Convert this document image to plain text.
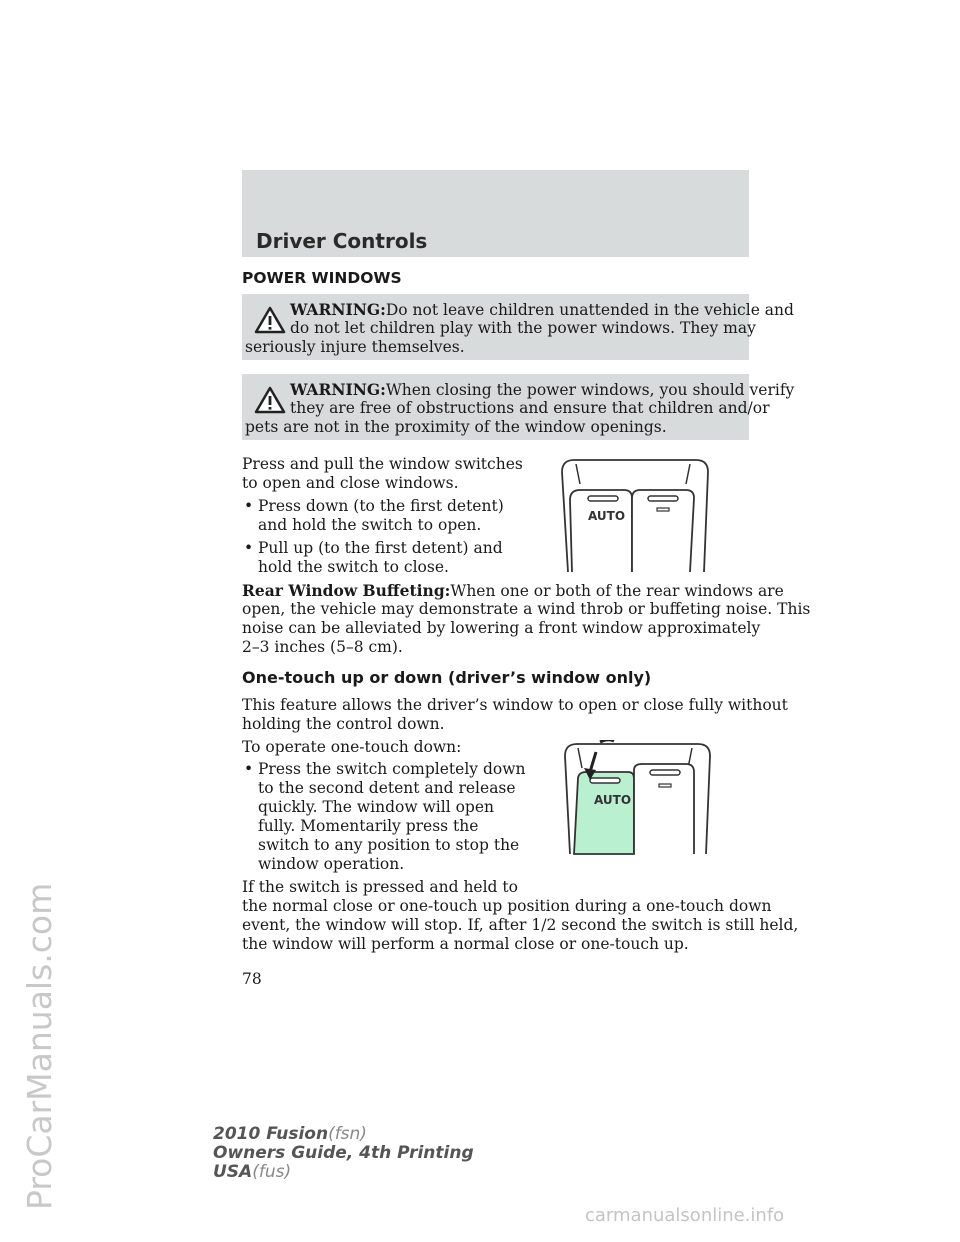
ProCarManuals.com
Driver Controls
POWER WINDOWS
WARNING:Do not leave children unattended in the vehicle and
do not let children play with the power windows. They may
seriously injure themselves.
WARNING:When closing the power windows, you should verify
they are free of obstructions and ensure that children and/or
pets are not in the proximity of the window openings.
Press and pull the window switches
to open and close windows.
• Press down (to the first detent)
and hold the switch to open.
• Pull up (to the first detent) and
hold the switch to close.
AUTO
Rear Window Buffeting:When one or both of the rear windows are
open, the vehicle may demonstrate a wind throb or buffeting noise. This
noise can be alleviated by lowering a front window approximately
2–3 inches (5–8 cm).
One-touch up or down (driver’s window only)
This feature allows the driver’s window to open or close fully without
holding the control down.
To operate one-touch down:
• Press the switch completely down
to the second detent and release
quickly. The window will open
fully. Momentarily press the
switch to any position to stop the
window operation.
AUTO
If the switch is pressed and held to
the normal close or one-touch up position during a one-touch down
event, the window will stop. If, after 1/2 second the switch is still held,
the window will perform a normal close or one-touch up.
78
2010 Fusion(fsn)
Owners Guide, 4th Printing
USA(fus)
carmanualsonline.info
